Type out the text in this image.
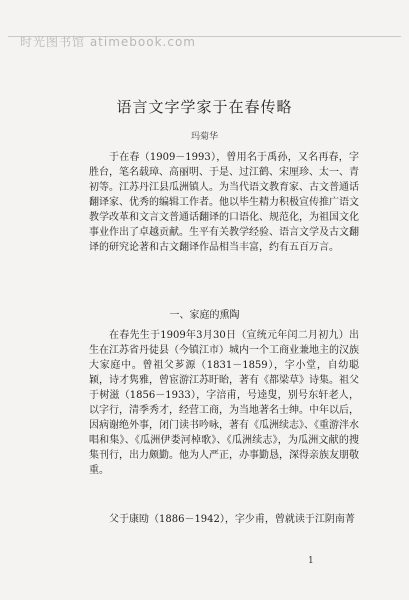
时光图书馆 atimebook.com
语言文字学家于在春传略
玛菊华
于在春（1909－1993），曾用名于禹孙，又名再春，字胜台，笔名载璋、高丽明、于是、过江鹤、宋厘珍、太一、青初等。江苏丹江县瓜洲镇人。为当代语文教育家、古文普通话翻译家、优秀的编辑工作者。他以毕生精力积极宣传推广语文教学改革和文言文普通话翻译的口语化、规范化，为祖国文化事业作出了卓越贡献。生平有关教学经验、语言文学及古文翻译的研究论著和古文翻译作品相当丰富，约有五百万言。
一、家庭的熏陶
在春先生于1909年3月30日（宣统元年闰二月初九）出生在江苏省丹徒县（今镇江市）城内一个工商业兼地主的汉族大家庭中。曾祖父芗源（1831－1859），字小堂，自幼聪颖，诗才隽雅，曾宦游江苏盱眙，著有《都梁草》诗集。祖父于树滋（1856－1933），字涪甫，号逵叟，别号东轩老人，以字行，清季秀才，经营工商，为当地著名士绅。中年以后，因病谢绝外事，闭门读书吟咏，著有《瓜洲续志》、《重游泮水唱和集》、《瓜洲伊娄河棹歌》、《瓜洲续志》，为瓜洲文献的搜集刊行，出力颇勤。他为人严正，办事勤恳，深得亲族友朋敬重。
父于康劻（1886－1942），字少甫，曾就读于江阴南菁
1
